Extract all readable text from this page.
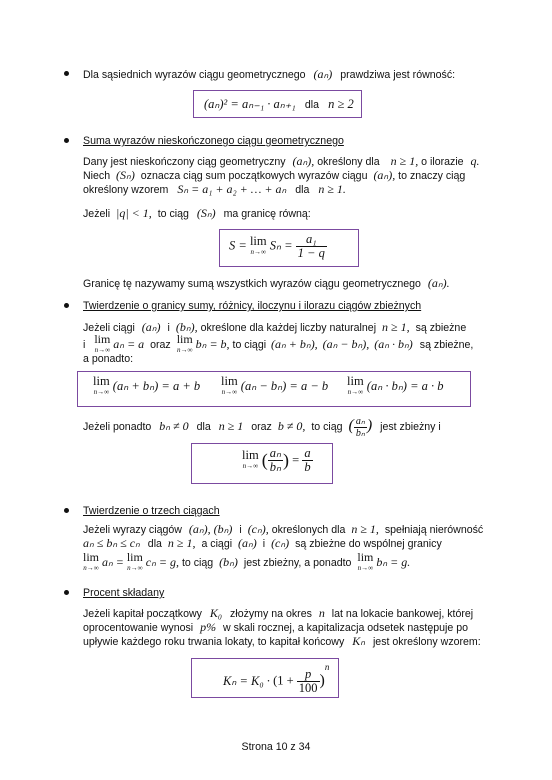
Dla sąsiednich wyrazów ciągu geometrycznego (aₙ) prawdziwa jest równość:
(aₙ)² = aₙ₋₁ · aₙ₊₁ dla n ≥ 2
Suma wyrazów nieskończonego ciągu geometrycznego
Dany jest nieskończony ciąg geometryczny (aₙ), określony dla n ≥ 1, o ilorazie q.
Niech (Sₙ) oznacza ciąg sum początkowych wyrazów ciągu (aₙ), to znaczy ciąg
określony wzorem Sₙ = a₁ + a₂ + … + aₙ dla n ≥ 1.
Jeżeli |q| < 1, to ciąg (Sₙ) ma granicę równą:
S = lim
n→∞ $S_n = \frac{\text{a₁}}{1 - q}$
Granicę tę nazywamy sumą wszystkich wyrazów ciągu geometrycznego (aₙ).
Twierdzenie o granicy sumy, różnicy, iloczynu i ilorazu ciągów zbieżnych
Jeżeli ciągi (aₙ) i (bₙ), określone dla każdej liczby naturalnej n ≥ 1, są zbieżne
i lim
n→∞ aₙ = a oraz lim
n→∞ bₙ = b, to ciągi (aₙ + bₙ), (aₙ − bₙ), (aₙ · bₙ) są zbieżne,
a ponadto:
lim
n→∞ (aₙ + bₙ) = a + b lim
n→∞ (aₙ − bₙ) = a − b lim
n→∞ (aₙ · bₙ) = a · b
Jeżeli ponadto bₙ ≠ 0 dla n ≥ 1 oraz b ≠ 0, to ciąg ( $\frac{\text{aₙ}}{\text{bₙ}}$ ) jest zbieżny i
lim
n→∞ ( $\frac{\text{aₙ}}{\text{bₙ}}$ ) = $\frac{a}{b}$
Twierdzenie o trzech ciągach
Jeżeli wyrazy ciągów (aₙ), (bₙ) i (cₙ), określonych dla n ≥ 1, spełniają nierówność
aₙ ≤ bₙ ≤ cₙ dla n ≥ 1, a ciągi (aₙ) i (cₙ) są zbieżne do wspólnej granicy
lim
n→∞ aₙ = lim
n→∞ cₙ = g, to ciąg (bₙ) jest zbieżny, a ponadto lim
n→∞ bₙ = g.
Procent składany
Jeżeli kapitał początkowy K₀ złożymy na okres n lat na lokacie bankowej, której
oprocentowanie wynosi p% w skali rocznej, a kapitalizacja odsetek następuje po
upływie każdego roku trwania lokaty, to kapitał końcowy Kₙ jest określony wzorem:
$K_n = K_0 \cdot (1 + \frac{p}{100} )^n$
Strona 10 z 34
